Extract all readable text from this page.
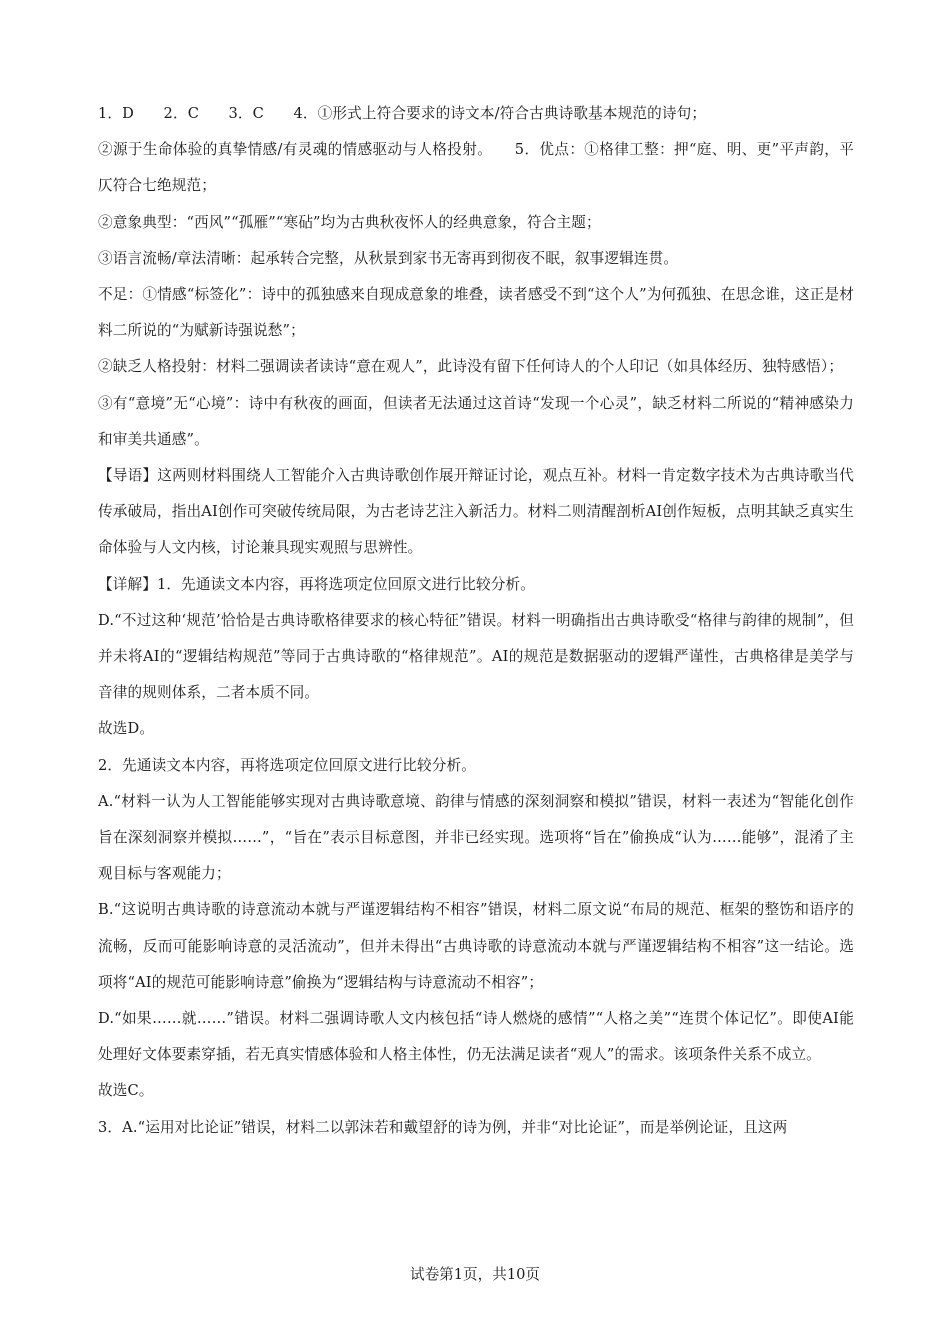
1．D　　2．C　　3．C　　4．①形式上符合要求的诗文本/符合古典诗歌基本规范的诗句；

②源于生命体验的真挚情感/有灵魂的情感驱动与人格投射。　　5．优点：①格律工整：押“庭、明、更”平声韵，平仄符合七绝规范；

②意象典型：“西风”“孤雁”“寒砧”均为古典秋夜怀人的经典意象，符合主题；

③语言流畅/章法清晰：起承转合完整，从秋景到家书无寄再到彻夜不眠，叙事逻辑连贯。

不足：①情感“标签化”：诗中的孤独感来自现成意象的堆叠，读者感受不到“这个人”为何孤独、在思念谁，这正是材料二所说的“为赋新诗强说愁”；

②缺乏人格投射：材料二强调读者读诗“意在观人”，此诗没有留下任何诗人的个人印记（如具体经历、独特感悟）；

③有“意境”无“心境”：诗中有秋夜的画面，但读者无法通过这首诗“发现一个心灵”，缺乏材料二所说的“精神感染力和审美共通感”。

【导语】这两则材料围绕人工智能介入古典诗歌创作展开辩证讨论，观点互补。材料一肯定数字技术为古典诗歌当代传承破局，指出AI创作可突破传统局限，为古老诗艺注入新活力。材料二则清醒剖析AI创作短板，点明其缺乏真实生命体验与人文内核，讨论兼具现实观照与思辨性。

【详解】1．先通读文本内容，再将选项定位回原文进行比较分析。

D.“不过这种‘规范’恰恰是古典诗歌格律要求的核心特征”错误。材料一明确指出古典诗歌受“格律与韵律的规制”，但并未将AI的“逻辑结构规范”等同于古典诗歌的“格律规范”。AI的规范是数据驱动的逻辑严谨性，古典格律是美学与音律的规则体系，二者本质不同。

故选D。

2．先通读文本内容，再将选项定位回原文进行比较分析。

A.“材料一认为人工智能能够实现对古典诗歌意境、韵律与情感的深刻洞察和模拟”错误，材料一表述为“智能化创作旨在深刻洞察并模拟……”，“旨在”表示目标意图，并非已经实现。选项将“旨在”偷换成“认为……能够”，混淆了主观目标与客观能力；

B.“这说明古典诗歌的诗意流动本就与严谨逻辑结构不相容”错误，材料二原文说“布局的规范、框架的整饬和语序的流畅，反而可能影响诗意的灵活流动”，但并未得出“古典诗歌的诗意流动本就与严谨逻辑结构不相容”这一结论。选项将“AI的规范可能影响诗意”偷换为“逻辑结构与诗意流动不相容”；

D.“如果……就……”错误。材料二强调诗歌人文内核包括“诗人燃烧的感情”“人格之美”“连贯个体记忆”。即使AI能处理好文体要素穿插，若无真实情感体验和人格主体性，仍无法满足读者“观人”的需求。该项条件关系不成立。

故选C。

3．A.“运用对比论证”错误，材料二以郭沫若和戴望舒的诗为例，并非“对比论证”，而是举例论证，且这两

试卷第1页，共10页
